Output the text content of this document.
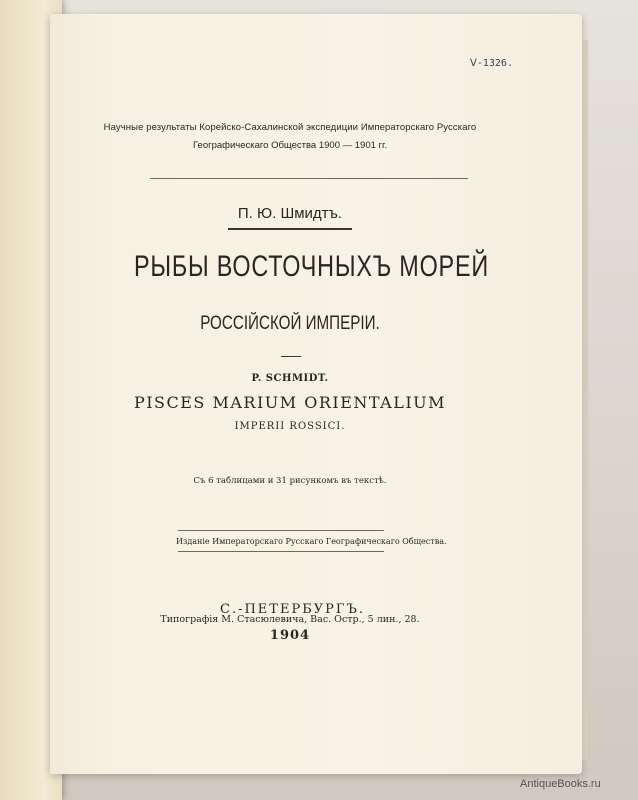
Ⅴ-1326.
Научные результаты Корейско-Сахалинской экспедиции Императорскаго Русскаго
Географическаго Общества 1900 — 1901 гг.
П. Ю. Шмидтъ.
РЫБЫ ВОСТОЧНЫХЪ МОРЕЙ
РОССІЙСКОЙ ИМПЕРІИ.
P. SCHMIDT.
PISCES MARIUM ORIENTALIUM
IMPERII ROSSICI.
Съ 6 таблицами и 31 рисункомъ въ текстѣ.
Изданіе Императорскаго Русскаго Географическаго Общества.
С.-ПЕТЕРБУРГЪ.
Типографія М. Стасюлевича, Вас. Остр., 5 лин., 28.
1904
AntiqueBooks.ru
